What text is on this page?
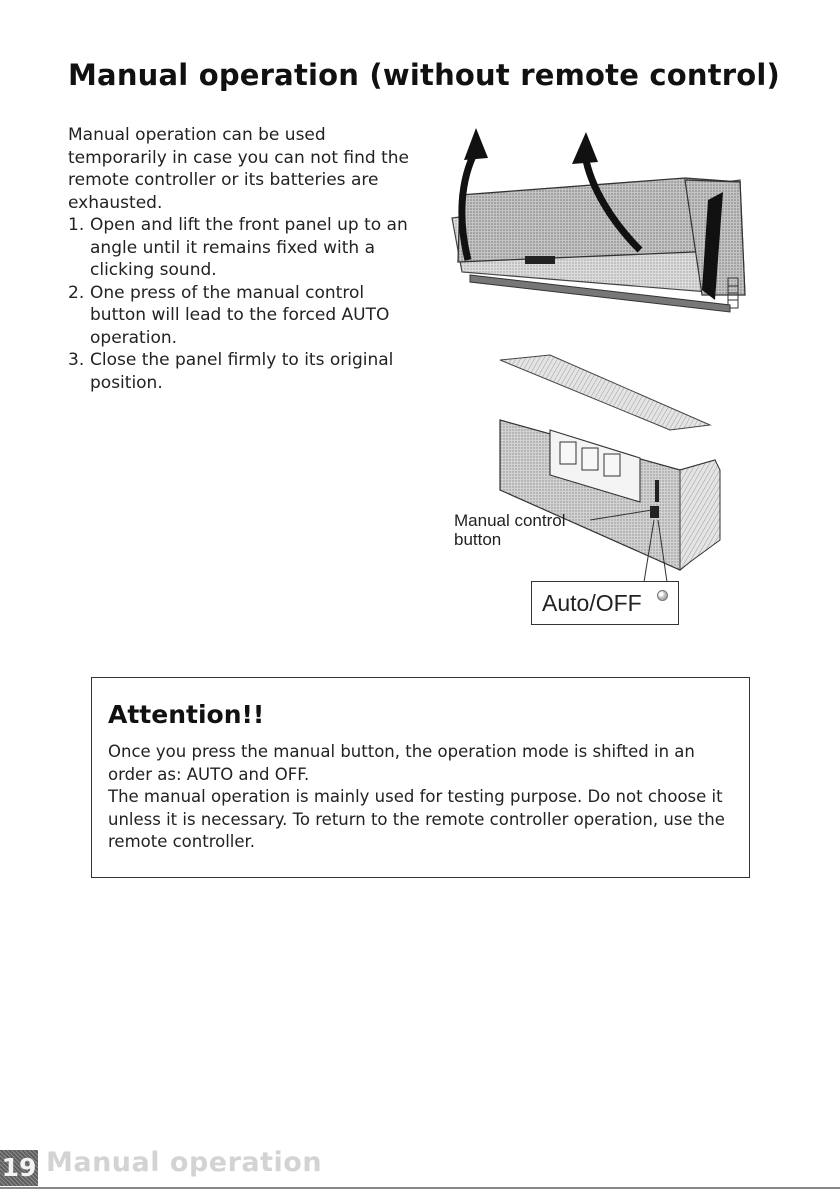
Manual operation (without remote control)

Manual operation can be used temporarily in case you can not find the remote controller or its batteries are exhausted.

1. Open and lift the front panel up to an angle until it remains fixed with a clicking sound.
2. One press of the manual control button will lead to the forced AUTO operation.
3. Close the panel firmly to its original position.
Manual control
button
Auto/OFF
Attention!!

Once you press the manual button, the operation mode is shifted in an order as: AUTO and OFF.

The manual operation is mainly used for testing purpose. Do not choose it unless it is necessary. To return to the remote controller operation, use the remote controller.

19 Manual operation
